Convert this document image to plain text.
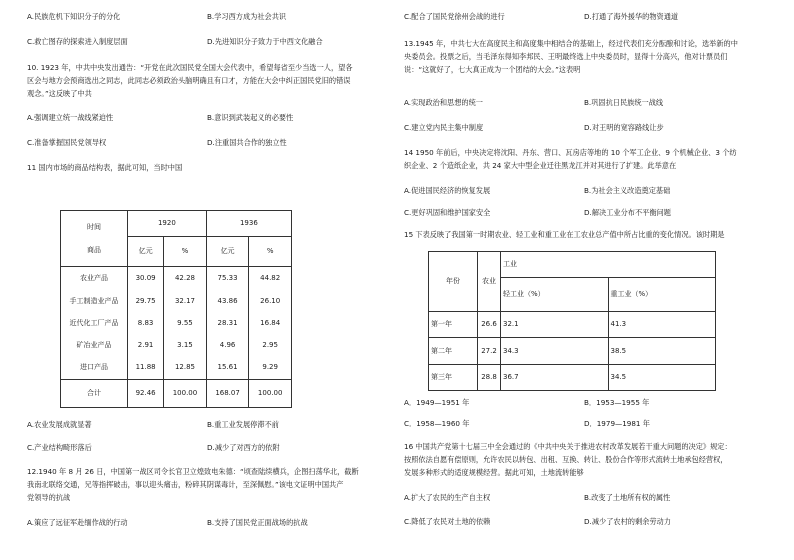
A.民族危机下知识分子的分化	B.学习西方成为社会共识
C.救亡图存的探索进入制度层面	D.先进知识分子致力于中西文化融合
10. 1923 年，中共中央发出通告：“开党在此次国民党全国大会代表中，希望每省至少当选一人，望各
区会与地方会预商选出之同志，此同志必须政治头脑明确且有口才，方能在大会中纠正国民党旧的错误
观念。”这反映了中共
A.强调建立统一战线紧迫性	B.意识到武装起义的必要性
C.准备掌握国民党领导权	D.注重国共合作的独立性
11 国内市场的商品结构表，据此可知，当时中国
时间
商品	1920		1936	
	亿元	%	亿元	%
农业产品	30.09	42.28	75.33	44.82
手工制造业产品	29.75	32.17	43.86	26.10
近代化工厂产品	8.83	9.55	28.31	16.84
矿冶业产品	2.91	3.15	4.96	2.95
进口产品	11.88	12.85	15.61	9.29
合计	92.46	100.00	168.07	100.00
A.农业发展成就显著	B.重工业发展停滞不前
C.产业结构畸形落后	D.减少了对西方的依附
12.1940 年 8 月 26 日，中国第一战区司令长官卫立煌致电朱德：“顷查陆续横兵，企图扫荡华北，截断
我南北联络交通，兄等指挥破击，事以迎头痛击，粉碎其阴谋毒计，至深佩慰。”该电文证明中国共产
党领导的抗战
A.策应了远征军赴缅作战的行动	B.支持了国民党正面战场的抗战
C.配合了国民党徐州会战的进行	D.打通了海外援华的物资通道
13.1945 年，中共七大在高度民主和高度集中相结合的基础上，经过代表们充分酝酿和讨论，选举新的中
央委员会。投票之后，当毛泽东得知李邦民、王明最终选上中央委员时，显得十分高兴，他对计票员们
说：“这就好了，七大真正成为一个团结的大会。”这表明
A.实现政治和思想的统一	B.巩固抗日民族统一战线
C.建立党内民主集中制度	D.对王明的宽容路线让步
14 1950 年前后，中央决定将沈阳、丹东、营口、瓦房店等地的 10 个军工企业、9 个机械企业、3 个纺
织企业、2 个造纸企业，共 24 家大中型企业迁往黑龙江并对其进行了扩建。此举意在
A.促进国民经济的恢复发展	B.为社会主义改造奠定基础
C.更好巩固和维护国家安全	D.解决工业分布不平衡问题
15 下表反映了我国第一时期农业、轻工业和重工业在工农业总产值中所占比重的变化情况。该时期是
年份	农业	工业	
		轻工业（%）	重工业（%）
第一年	26.6	32.1	41.3
第二年	27.2	34.3	38.5
第三年	28.8	36.7	34.5
A．1949—1951 年	B．1953—1955 年
C．1958—1960 年	D．1979—1981 年
16 中国共产党第十七届三中全会通过的《中共中央关于推进农村改革发展若干重大问题的决定》规定：
按照依法自愿有偿原则，允许农民以转包、出租、互换、转让、股份合作等形式流转土地承包经营权，
发展多种形式的适度规模经营。据此可知，土地流转能够
A.扩大了农民的生产自主权	B.改变了土地所有权的属性
C.降低了农民对土地的依赖	D.减少了农村的剩余劳动力
